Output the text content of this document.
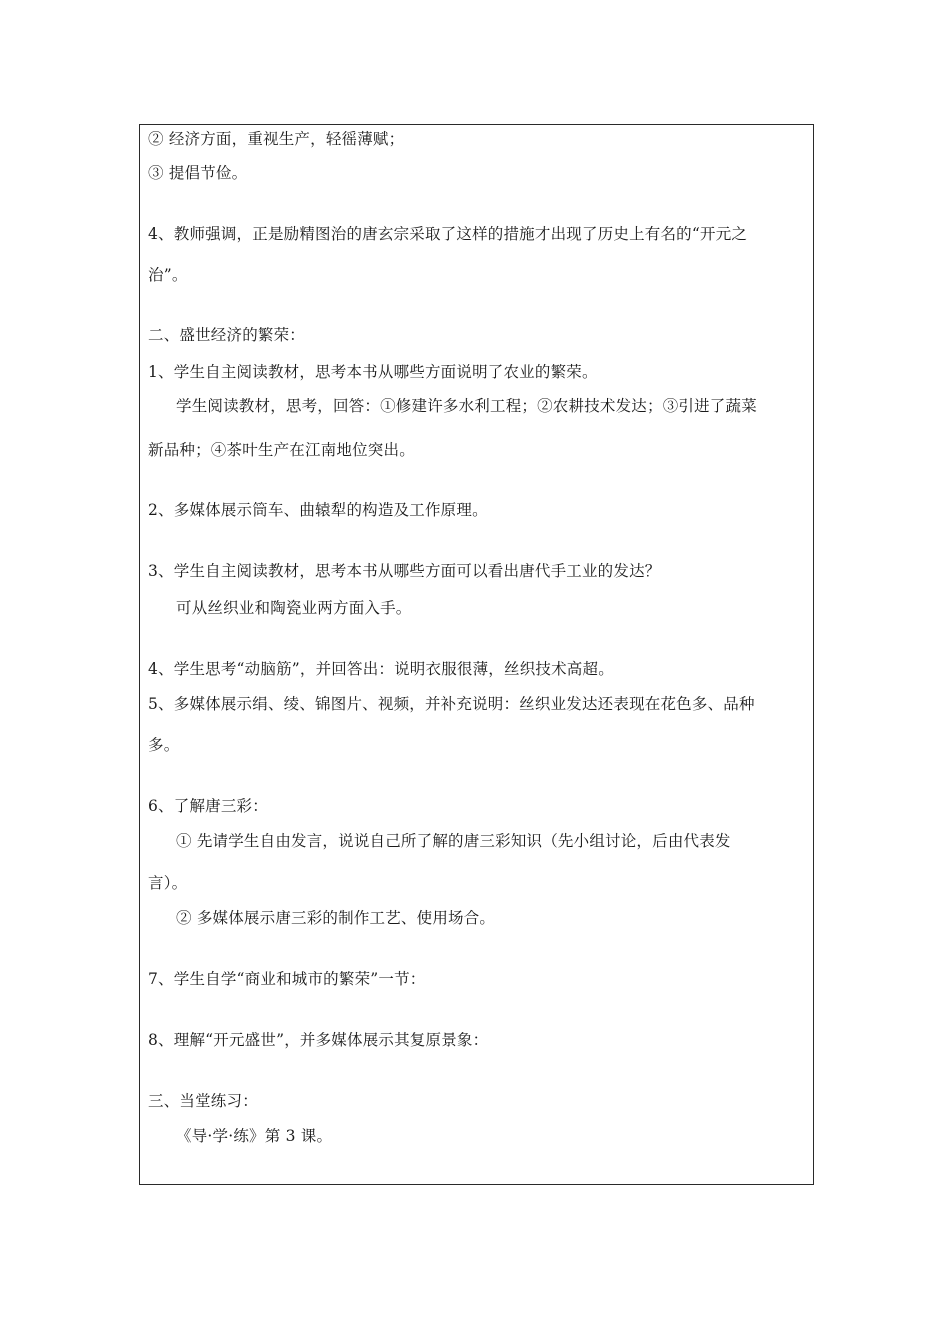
② 经济方面，重视生产，轻徭薄赋；
③ 提倡节俭。
4、教师强调，正是励精图治的唐玄宗采取了这样的措施才出现了历史上有名的“开元之
治”。
二、盛世经济的繁荣：
1、学生自主阅读教材，思考本书从哪些方面说明了农业的繁荣。
学生阅读教材，思考，回答：①修建许多水利工程；②农耕技术发达；③引进了蔬菜
新品种；④茶叶生产在江南地位突出。
2、多媒体展示筒车、曲辕犁的构造及工作原理。
3、学生自主阅读教材，思考本书从哪些方面可以看出唐代手工业的发达？
可从丝织业和陶瓷业两方面入手。
4、学生思考“动脑筋”，并回答出：说明衣服很薄，丝织技术高超。
5、多媒体展示绢、绫、锦图片、视频，并补充说明：丝织业发达还表现在花色多、品种
多。
6、了解唐三彩：
① 先请学生自由发言，说说自己所了解的唐三彩知识（先小组讨论，后由代表发
言）。
② 多媒体展示唐三彩的制作工艺、使用场合。
7、学生自学“商业和城市的繁荣”一节：
8、理解“开元盛世”，并多媒体展示其复原景象：
三、当堂练习：
《导·学·练》第 3 课。
